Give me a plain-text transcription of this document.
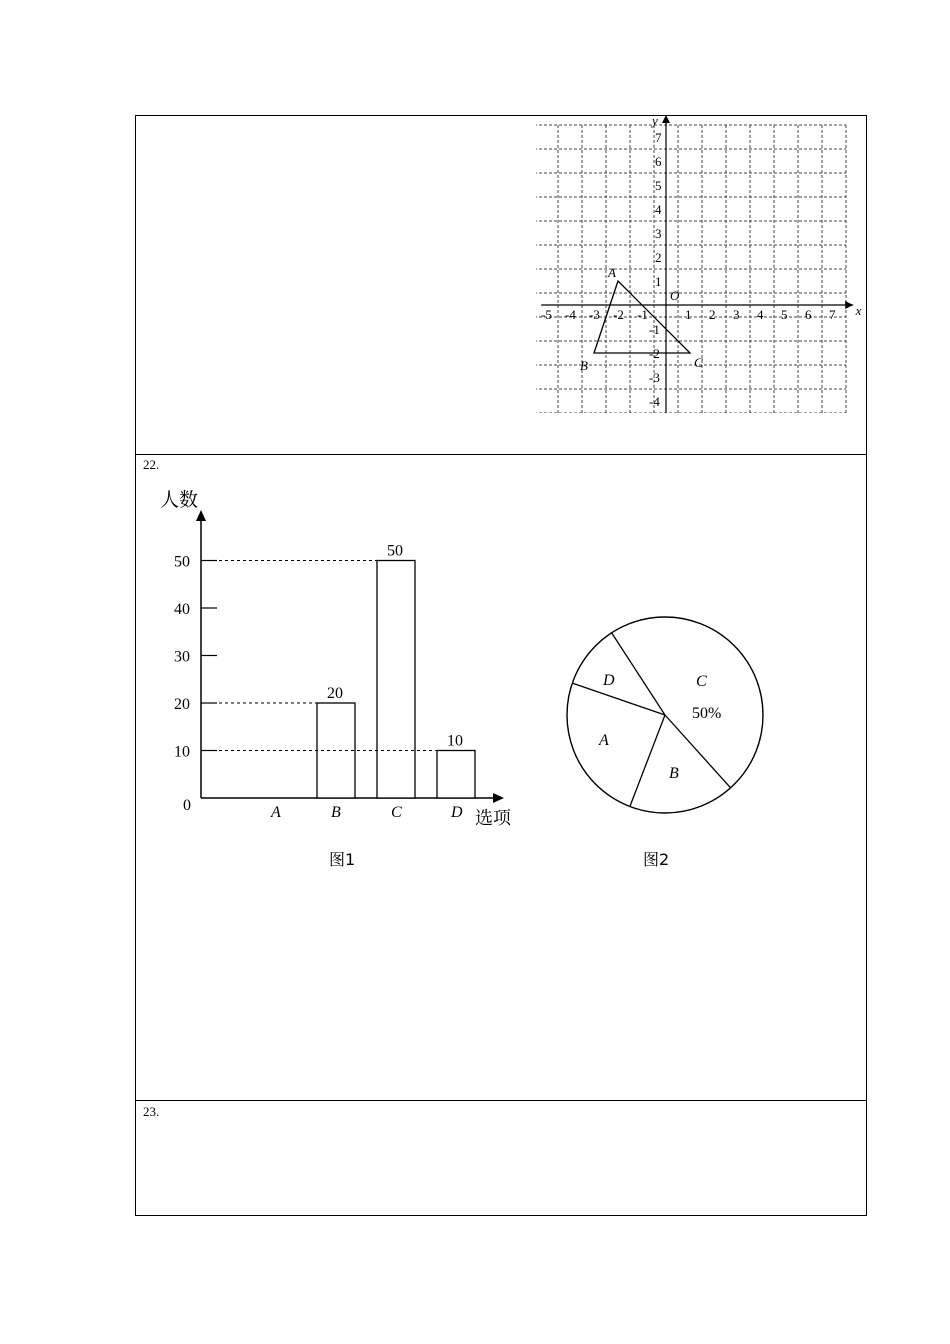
x
y
O
-5 -4 -3 -2 -1	1 2 3 4 5 6 7
7
6
5
4
3
2
1
-1
-2
-3
-4
A
B	C
22.
23.
人数
选项
0
10
20
30
40
50
A
20
B
50
C
10
D
图1
C
D
A
B
50%
图2
